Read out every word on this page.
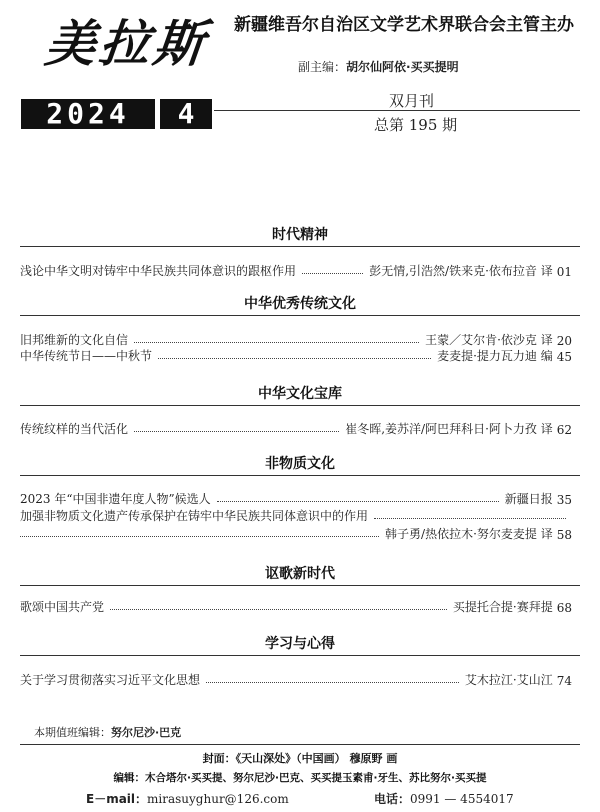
美拉斯 新疆维吾尔自治区文学艺术界联合会主管主办
副主编：胡尔仙阿依·买买提明
2024	4	双月刊
总第 195 期
时代精神
浅论中华文明对铸牢中华民族共同体意识的跟枢作用	彭无情,引浩然/铁来克·依布拉音 译 01
中华优秀传统文化
旧邦维新的文化自信	王蒙／艾尔肯·依沙克 译 20
中华传统节日——中秋节	麦麦提·提力瓦力迪 编 45
中华文化宝库
传统纹样的当代活化	崔冬晖,姜苏洋/阿巴拜科日·阿卜力孜 译 62
非物质文化
2023 年“中国非遗年度人物”候选人	新疆日报 35
加强非物质文化遗产传承保护在铸牢中华民族共同体意识中的作用
韩子勇/热依拉木·努尔麦麦提 译 58
讴歌新时代
歌颂中国共产党	买提托合提·赛拜提 68
学习与心得
关于学习贯彻落实习近平文化思想	艾木拉江·艾山江 74
本期值班编辑：努尔尼沙·巴克
封面：《天山深处》（中国画） 穆原野 画
编辑：木合塔尔·买买提、努尔尼沙·巴克、买买提玉素甫·牙生、苏比努尔·买买提
E－mail：mirasuyghur@126.com	电话：0991 — 4554017
